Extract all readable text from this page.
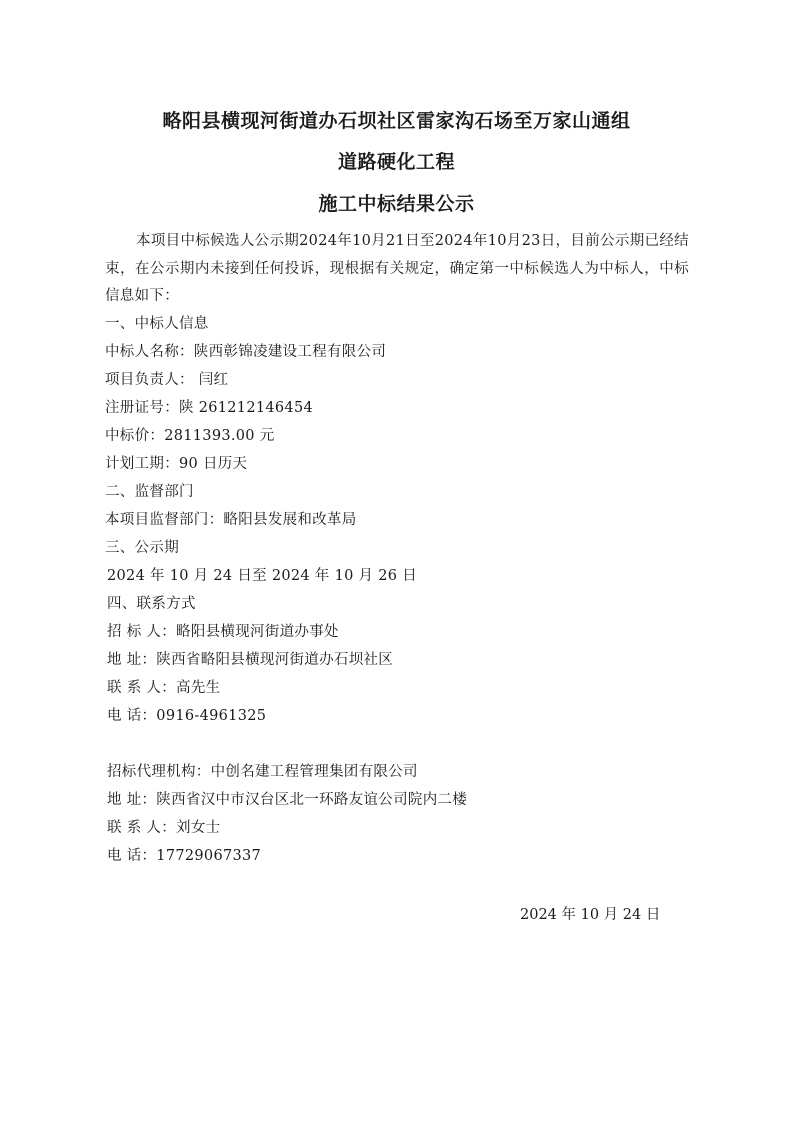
略阳县横现河街道办石坝社区雷家沟石场至万家山通组
道路硬化工程
施工中标结果公示
本项目中标候选人公示期2024年10月21日至2024年10月23日，目前公示期已经结束，在公示期内未接到任何投诉，现根据有关规定，确定第一中标候选人为中标人，中标信息如下：
一、中标人信息
中标人名称：陕西彰锦凌建设工程有限公司
项目负责人： 闫红
注册证号：陕 261212146454
中标价：2811393.00 元
计划工期：90 日历天
二、监督部门
本项目监督部门：略阳县发展和改革局
三、公示期
2024 年 10 月 24 日至 2024 年 10 月 26 日
四、联系方式
招 标 人：略阳县横现河街道办事处
地 址：陕西省略阳县横现河街道办石坝社区
联 系 人：高先生
电 话：0916-4961325
招标代理机构：中创名建工程管理集团有限公司
地 址：陕西省汉中市汉台区北一环路友谊公司院内二楼
联 系 人：刘女士
电 话：17729067337
2024 年 10 月 24 日
